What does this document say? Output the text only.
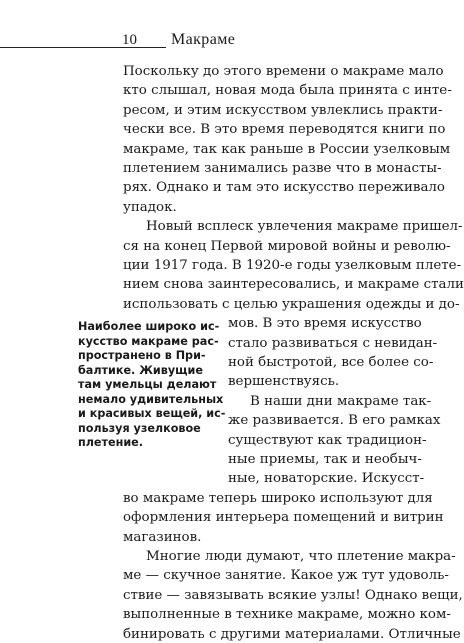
10 Макраме
Поскольку до этого времени о макраме мало
кто слышал, новая мода была принята с инте-
ресом, и этим искусством увлеклись практи-
чески все. В это время переводятся книги по
макраме, так как раньше в России узелковым
плетением занимались разве что в монасты-
рях. Однако и там это искусство переживало
упадок.
Новый всплеск увлечения макраме пришел-
ся на конец Первой мировой войны и револю-
ции 1917 года. В 1920-е годы узелковым плете-
нием снова заинтересовались, и макраме стали
использовать с целью украшения одежды и до-
мов. В это время искусство
стало развиваться с невидан-
ной быстротой, все более со-
вершенствуясь.
В наши дни макраме так-
же развивается. В его рамках
существуют как традицион-
ные приемы, так и необыч-
ные, новаторские. Искусст-
во макраме теперь широко используют для
оформления интерьера помещений и витрин
магазинов.
Многие люди думают, что плетение макра-
ме — скучное занятие. Какое уж тут удоволь-
ствие — завязывать всякие узлы! Однако вещи,
выполненные в технике макраме, можно ком-
бинировать с другими материалами. Отличные
Наиболее широко ис-
кусство макраме рас-
пространено в При-
балтике. Живущие
там умельцы делают
немало удивительных
и красивых вещей, ис-
пользуя узелковое
плетение.
